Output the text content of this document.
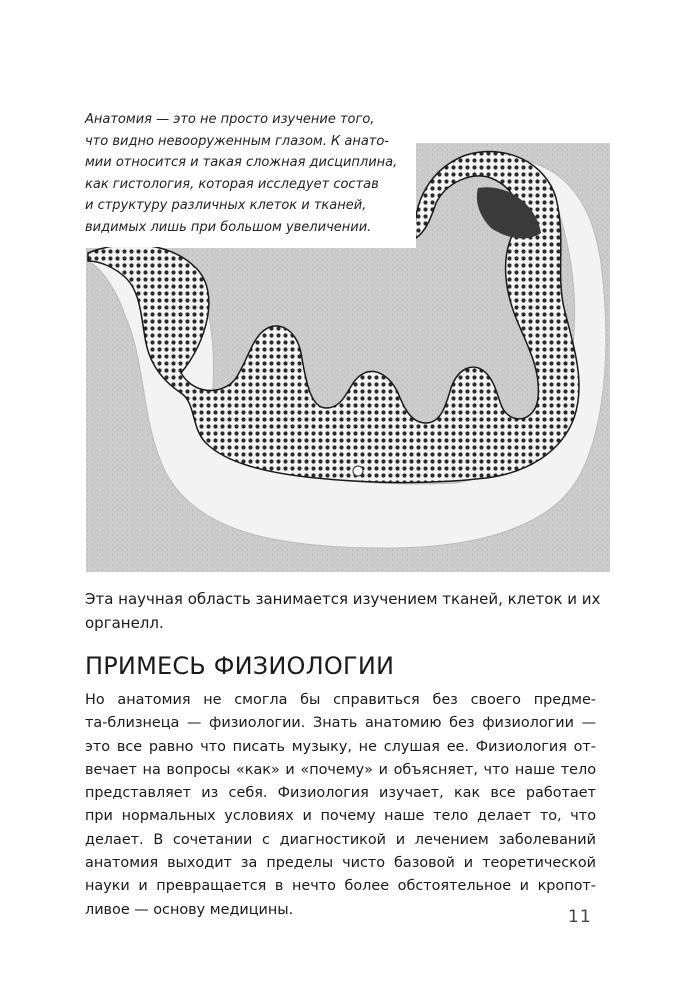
Анатомия — это не просто изучение того,
что видно невооруженным глазом. К анато-
мии относится и такая сложная дисциплина,
как гистология, которая исследует состав
и структуру различных клеток и тканей,
видимых лишь при большом увеличении.
Эта научная область занимается изучением тканей, клеток и их
органелл.
ПРИМЕСЬ ФИЗИОЛОГИИ
Но анатомия не смогла бы справиться без своего предме-
та-близнеца — физиологии. Знать анатомию без физиологии —
это все равно что писать музыку, не слушая ее. Физиология от-
вечает на вопросы «как» и «почему» и объясняет, что наше тело
представляет из себя. Физиология изучает, как все работает
при нормальных условиях и почему наше тело делает то, что
делает. В сочетании с диагностикой и лечением заболеваний
анатомия выходит за пределы чисто базовой и теоретической
науки и превращается в нечто более обстоятельное и кропот-
ливое — основу медицины.	11
